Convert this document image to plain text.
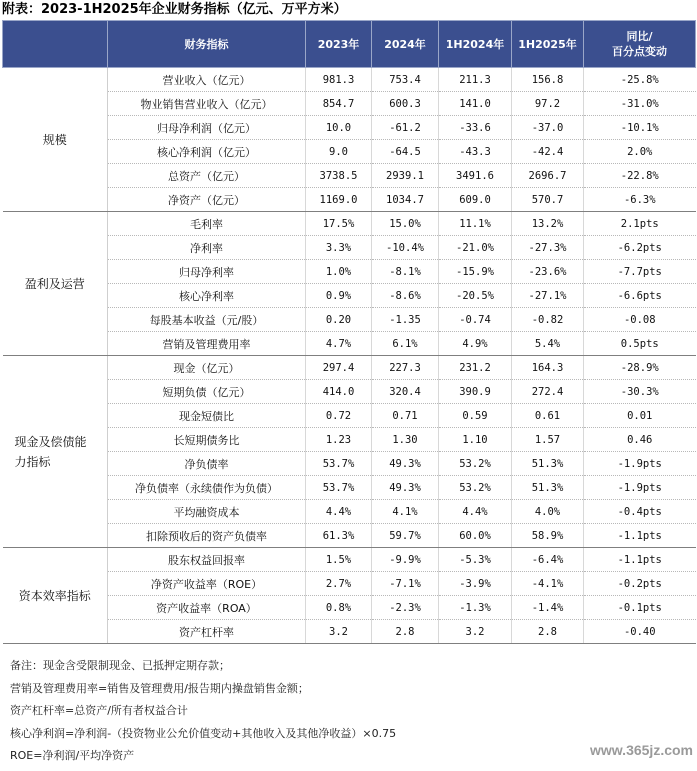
附表：2023-1H2025年企业财务指标（亿元、万平方米）
	财务指标	2023年	2024年	1H2024年	1H2025年	同比/
百分点变动
规模	营业收入（亿元）	981.3	753.4	211.3	156.8	-25.8%
	物业销售营业收入（亿元）	854.7	600.3	141.0	97.2	-31.0%
	归母净利润（亿元）	10.0	-61.2	-33.6	-37.0	-10.1%
	核心净利润（亿元）	9.0	-64.5	-43.3	-42.4	2.0%
	总资产（亿元）	3738.5	2939.1	3491.6	2696.7	-22.8%
	净资产（亿元）	1169.0	1034.7	609.0	570.7	-6.3%
盈利及运营	毛利率	17.5%	15.0%	11.1%	13.2%	2.1pts
	净利率	3.3%	-10.4%	-21.0%	-27.3%	-6.2pts
	归母净利率	1.0%	-8.1%	-15.9%	-23.6%	-7.7pts
	核心净利率	0.9%	-8.6%	-20.5%	-27.1%	-6.6pts
	每股基本收益（元/股）	0.20	-1.35	-0.74	-0.82	-0.08
	营销及管理费用率	4.7%	6.1%	4.9%	5.4%	0.5pts
现金及偿债能力指标	现金（亿元）	297.4	227.3	231.2	164.3	-28.9%
	短期负债（亿元）	414.0	320.4	390.9	272.4	-30.3%
	现金短债比	0.72	0.71	0.59	0.61	0.01
	长短期债务比	1.23	1.30	1.10	1.57	0.46
	净负债率	53.7%	49.3%	53.2%	51.3%	-1.9pts
	净负债率（永续债作为负债）	53.7%	49.3%	53.2%	51.3%	-1.9pts
	平均融资成本	4.4%	4.1%	4.4%	4.0%	-0.4pts
	扣除预收后的资产负债率	61.3%	59.7%	60.0%	58.9%	-1.1pts
资本效率指标	股东权益回报率	1.5%	-9.9%	-5.3%	-6.4%	-1.1pts
	净资产收益率（ROE）	2.7%	-7.1%	-3.9%	-4.1%	-0.2pts
	资产收益率（ROA）	0.8%	-2.3%	-1.3%	-1.4%	-0.1pts
	资产杠杆率	3.2	2.8	3.2	2.8	-0.40
备注：现金含受限制现金、已抵押定期存款；
营销及管理费用率=销售及管理费用/报告期内操盘销售金额；
资产杠杆率=总资产/所有者权益合计
核心净利润=净利润-（投资物业公允价值变动+其他收入及其他净收益）×0.75
ROE=净利润/平均净资产	www.365jz.com
